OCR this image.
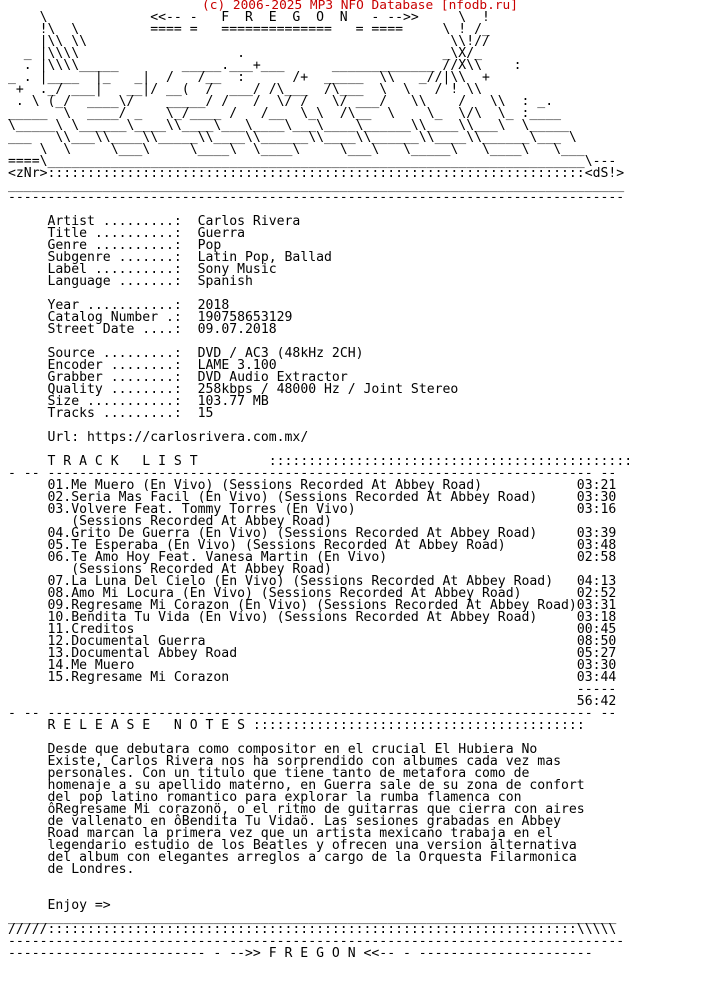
(c) 2006-2025 MP3 NFO Database [nfodb.ru]
\             <<-- -   F  R  E  G  O  N   - -->>     \  !
!\  \         ==== =   ==============   = ====     \ ! /_
|\\ \\                                              \\!//
_ |\\\\                    .                         _\X/_
. |\\\\_____        _____.___+___      _____________ //X\\    :
_ . |____  |_   _|  /   /__  :      /+  _____  \\   _//|\\  +
+  ._/ ___|   __|/ __(  /  ___/ /\___  /\___  \  \   / ! \\
. \ (_/  ____\/    _____/ /   /  \/ /   \/ ___/   \\    /   \\  : _.
_____  \  ____/ _   \_/____ /   /__  \_\  /\__  \    \_  \/\  \_ :____
\_____\ \______\____\\____\___\____\___\____\______\\____\\___\  \_____
___   \\___\\____\\_____\\____\\______\\____\\______\\____\\______\___ \
\  \     \___\     \____\  \____\     \___\   \_____\   \____\   \___
====\____________________________________________________________________\---
<zNr>::::::::::::::::::::::::::::::::::::::::::::::::::::::::::::::::::::<dS!>
______________________________________________________________________________
------------------------------------------------------------------------------

Artist .........: Carlos Rivera
Title ..........: Guerra
Genre ..........: Pop
Subgenre .......: Latin Pop, Ballad
Label ..........: Sony Music
Language .......: Spanish

Year ...........: 2018
Catalog Number .: 190758653129
Street Date ....: 09.07.2018

Source .........: DVD / AC3 (48kHz 2CH)
Encoder ........: LAME 3.100
Grabber ........: DVD Audio Extractor
Quality ........: 258kbps / 48000 Hz / Joint Stereo
Size ...........: 103.77 MB
Tracks .........: 15

Url: https://carlosrivera.com.mx/

T R A C K   L I S T	::::::::::::::::::::::::::::::::::::::::::::::
- -- --------------------------------------------------------------------- --
01.Me Muero (En Vivo) (Sessions Recorded At Abbey Road)	03:21
02.Seria Mas Facil (En Vivo) (Sessions Recorded At Abbey Road)	03:30
03.Volvere Feat. Tommy Torres (En Vivo)	03:16
(Sessions Recorded At Abbey Road)
04.Grito De Guerra (En Vivo) (Sessions Recorded At Abbey Road)	03:39
05.Te Esperaba (En Vivo) (Sessions Recorded At Abbey Road)	03:48
06.Te Amo Hoy Feat. Vanesa Martin (En Vivo)	02:58
(Sessions Recorded At Abbey Road)
07.La Luna Del Cielo (En Vivo) (Sessions Recorded At Abbey Road) 04:13
08.Amo Mi Locura (En Vivo) (Sessions Recorded At Abbey Road)	02:52
09.Regresame Mi Corazon (En Vivo) (Sessions Recorded At Abbey Road)03:31
10.Bendita Tu Vida (En Vivo) (Sessions Recorded At Abbey Road)	03:18
11.Creditos	00:45
12.Documental Guerra	08:50
13.Documental Abbey Road	05:27
14.Me Muero	03:30
15.Regresame Mi Corazon	03:44
-----
56:42
- -- --------------------------------------------------------------------- --
R E L E A S E   N O T E S ::::::::::::::::::::::::::::::::::::::::::

Desde que debutara como compositor en el crucial El Hubiera No
Existe, Carlos Rivera nos ha sorprendido con albumes cada vez mas
personales. Con un titulo que tiene tanto de metafora como de
homenaje a su apellido materno, en Guerra sale de su zona de confort
del pop latino romantico para explorar la rumba flamenca con
ôRegresame Mi corazonö, o el ritmo de guitarras que cierra con aires
de vallenato en ôBendita Tu Vidaö. Las sesiones grabadas en Abbey
Road marcan la primera vez que un artista mexicano trabaja en el
legendario estudio de los Beatles y ofrecen una version alternativa
del album con elegantes arreglos a cargo de la Orquesta Filarmonica
de Londres.

Enjoy =>
_____________________________________________________________________________
/////:::::::::::::::::::::::::::::::::::::::::::::::::::::::::::::::::::\\\\\
------------------------------------------------------------------------------
------------------------- - -->> F R E G O N <<-- - ----------------------
